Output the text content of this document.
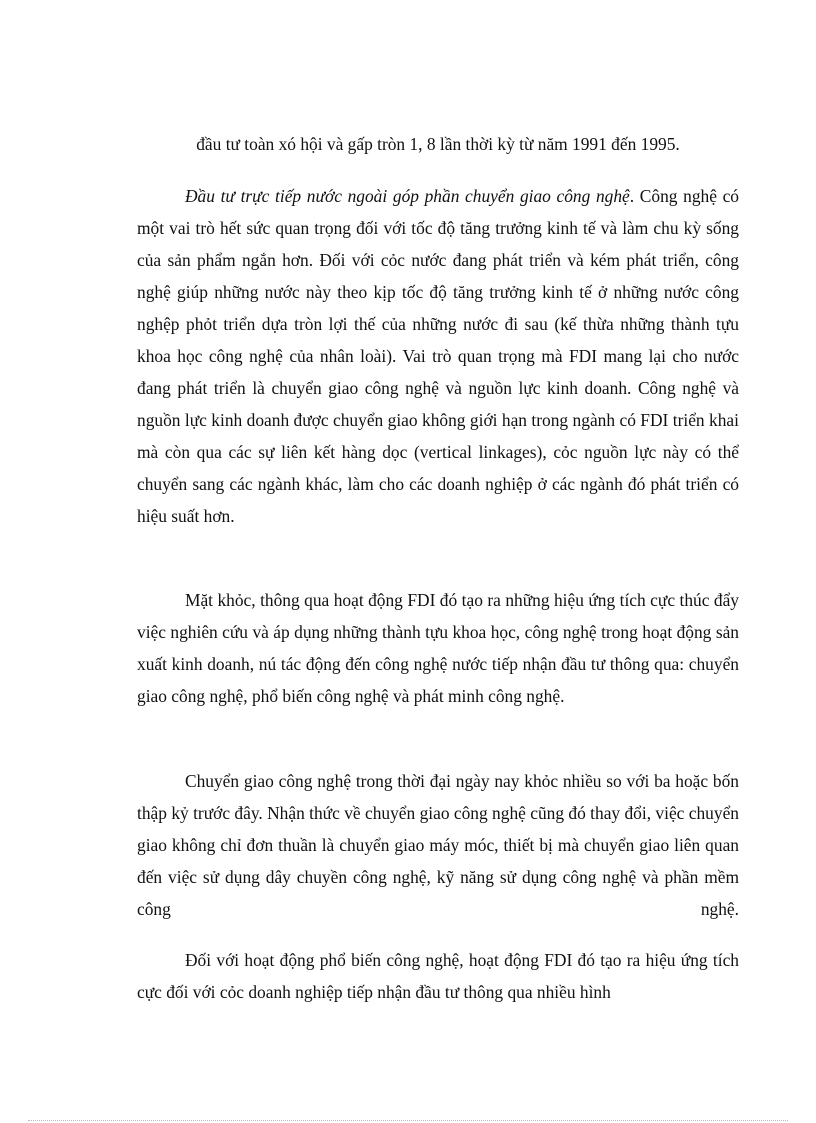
đầu tư toàn xó hội và gấp tròn 1, 8 lần thời kỳ từ năm 1991 đến 1995.

Đầu tư trực tiếp nước ngoài góp phần chuyển giao công nghệ. Công nghệ có một vai trò hết sức quan trọng đối với tốc độ tăng trưởng kinh tế và làm chu kỳ sống của sản phẩm ngắn hơn. Đối với cỏc nước đang phát triển và kém phát triển, công nghệ giúp những nước này theo kịp tốc độ tăng trưởng kinh tế ở những nước công nghệp phỏt triển dựa tròn lợi thế của những nước đi sau (kế thừa những thành tựu khoa học công nghệ của nhân loài). Vai trò quan trọng mà FDI mang lại cho nước đang phát triển là chuyển giao công nghệ và nguồn lực kinh doanh. Công nghệ và nguồn lực kinh doanh được chuyển giao không giới hạn trong ngành có FDI triển khai mà còn qua các sự liên kết hàng dọc (vertical linkages), cỏc nguồn lực này có thể chuyển sang các ngành khác, làm cho các doanh nghiệp ở các ngành đó phát triển có hiệu suất hơn.

Mặt khỏc, thông qua hoạt động FDI đó tạo ra những hiệu ứng tích cực thúc đẩy việc nghiên cứu và áp dụng những thành tựu khoa học, công nghệ trong hoạt động sản xuất kinh doanh, nú tác động đến công nghệ nước tiếp nhận đầu tư thông qua: chuyển giao công nghệ, phổ biến công nghệ và phát minh công nghệ.

Chuyển giao công nghệ trong thời đại ngày nay khỏc nhiều so với ba hoặc bốn thập kỷ trước đây. Nhận thức về chuyển giao công nghệ cũng đó thay đổi, việc chuyển giao không chỉ đơn thuần là chuyển giao máy móc, thiết bị mà chuyển giao liên quan đến việc sử dụng dây chuyền công nghệ, kỹ năng sử dụng công nghệ và phần mềm công nghệ.

Đối với hoạt động phổ biến công nghệ, hoạt động FDI đó tạo ra hiệu ứng tích cực đối với cỏc doanh nghiệp tiếp nhận đầu tư thông qua nhiều hình
